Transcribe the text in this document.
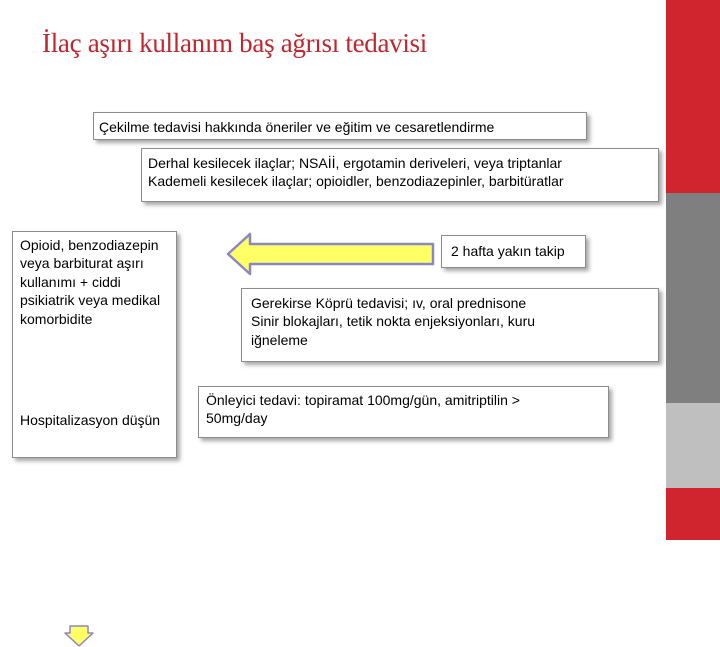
İlaç aşırı kullanım baş ağrısı tedavisi
Çekilme tedavisi hakkında öneriler ve eğitim ve cesaretlendirme
Derhal kesilecek ilaçlar; NSAİİ, ergotamin deriveleri, veya triptanlar
Kademeli kesilecek ilaçlar; opioidler, benzodiazepinler, barbitüratlar
Opioid, benzodiazepin veya barbiturat aşırı kullanımı + ciddi psikiatrik veya medikal komorbidite
Hospitalizasyon düşün
2 hafta yakın takip
Gerekirse Köprü tedavisi; ıv, oral prednisone
Sinir blokajları, tetik nokta enjeksiyonları, kuru
iğneleme
Önleyici tedavi: topiramat 100mg/gün, amitriptilin >
50mg/day
